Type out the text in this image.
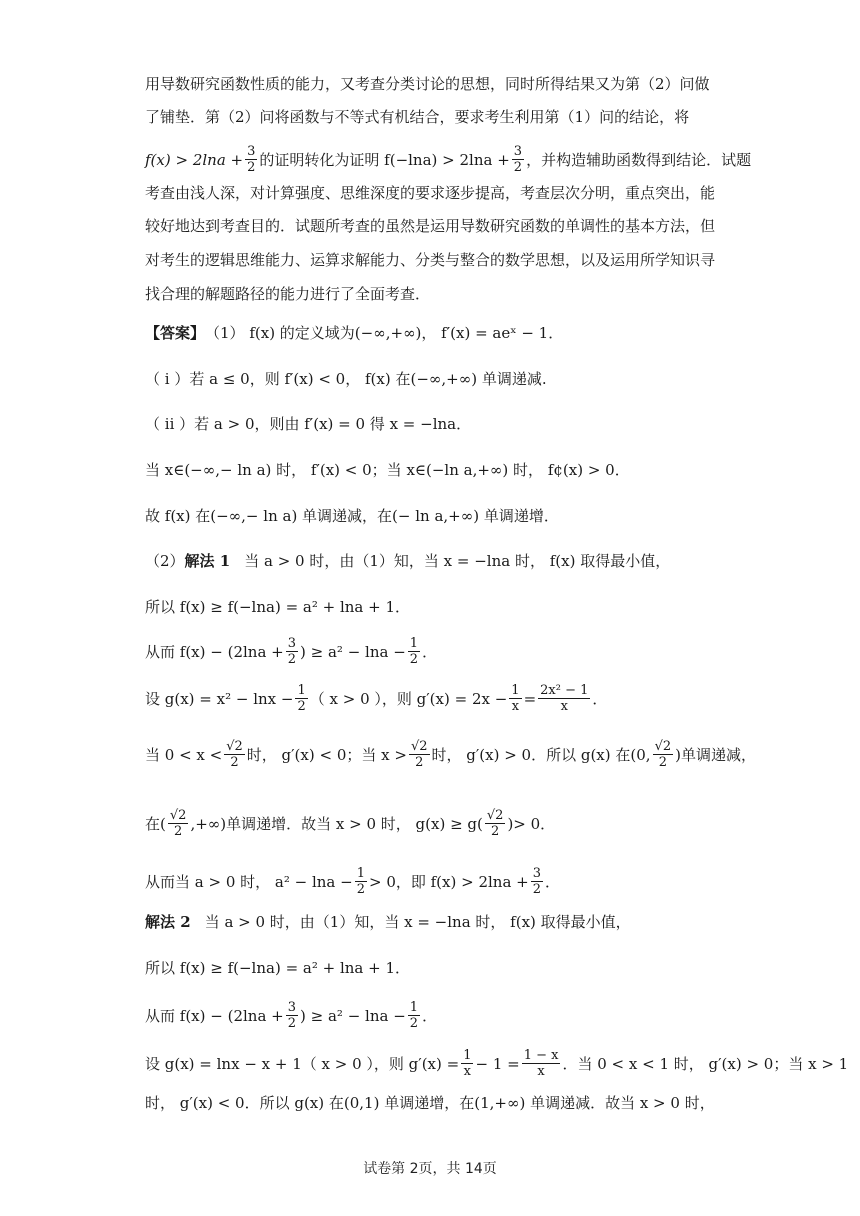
用导数研究函数性质的能力，又考查分类讨论的思想，同时所得结果又为第（2）问做
了铺垫．第（2）问将函数与不等式有机结合，要求考生利用第（1）问的结论，将
$f(x) > 2\ln a + \frac{3}{2}$ 的证明转化为证明 $f(-\ln a) > 2\ln a + \frac{3}{2}$ ，并构造辅助函数得到结论．试题
考查由浅人深，对计算强度、思维深度的要求逐步提高，考查层次分明，重点突出，能
较好地达到考查目的．试题所考查的虽然是运用导数研究函数的单调性的基本方法，但
对考生的逻辑思维能力、运算求解能力、分类与整合的数学思想，以及运用所学知识寻
找合理的解题路径的能力进行了全面考查．
【答案】 （1） f(x) 的定义域为(−∞,+∞)， f′(x) = aeˣ − 1．
（ i ）若 a ≤ 0，则 f′(x) < 0， f(x) 在(−∞,+∞) 单调递减.
（ ii ）若 a > 0，则由 f′(x) = 0 得 x = −lna．
当 x∈(−∞,− ln a) 时， f′(x) < 0；当 x∈(−ln a,+∞) 时， f¢(x) > 0．
故 f(x) 在(−∞,− ln a) 单调递减，在(− ln a,+∞) 单调递增．
（2） 解法 1 当 a > 0 时，由（1）知，当 x = −lna 时， f(x) 取得最小值，
所以 f(x) ≥ f(−lna) = a² + lna + 1．
从而 $f(x) - (2\ln a + \frac{3}{2}$ ) ≥ $a^2 - \ln a - \frac{1}{2}$ ．
设 $g(x) = x^2 - \ln x - \frac{1}{2}$ （ x > 0 ），则 $g'(x) = 2x - \frac{1}{x} = \frac{\text{2x² − 1}}{x}$ ．
当 $0 < x < \frac{√2}{2}$ 时， g′(x) < 0；当 $x > \frac{√2}{2}$ 时， g′(x) > 0．所以 g(x) 在 (0, $\frac{√2}{2}$ ) 单调递减，
在 ( $\frac{√2}{2}$ ,+∞) 单调递增．故当 x > 0 时， g(x) ≥ g ( $\frac{√2}{2}$ ) > 0．
从而当 a > 0 时， $a^2 - \ln a - \frac{1}{2} > 0$，即 $f(x) > 2\ln a + \frac{3}{2}$ ．
解法 2 当 a > 0 时，由（1）知，当 x = −lna 时， f(x) 取得最小值，
所以 f(x) ≥ f(−lna) = a² + lna + 1．
从而 $f(x) - (2\ln a + \frac{3}{2}$ ) ≥ $a^2 - \ln a - \frac{1}{2}$ ．
设 g(x) = lnx − x + 1（ x > 0 ），则 $g'(x) = \frac{1}{x} - 1 = \frac{1 - x}{x}$ ．当 0 < x < 1 时， g′(x) > 0；当 x > 1
时， g′(x) < 0．所以 g(x) 在(0,1) 单调递增，在(1,+∞) 单调递减．故当 x > 0 时，
试卷第 2页，共 14页
